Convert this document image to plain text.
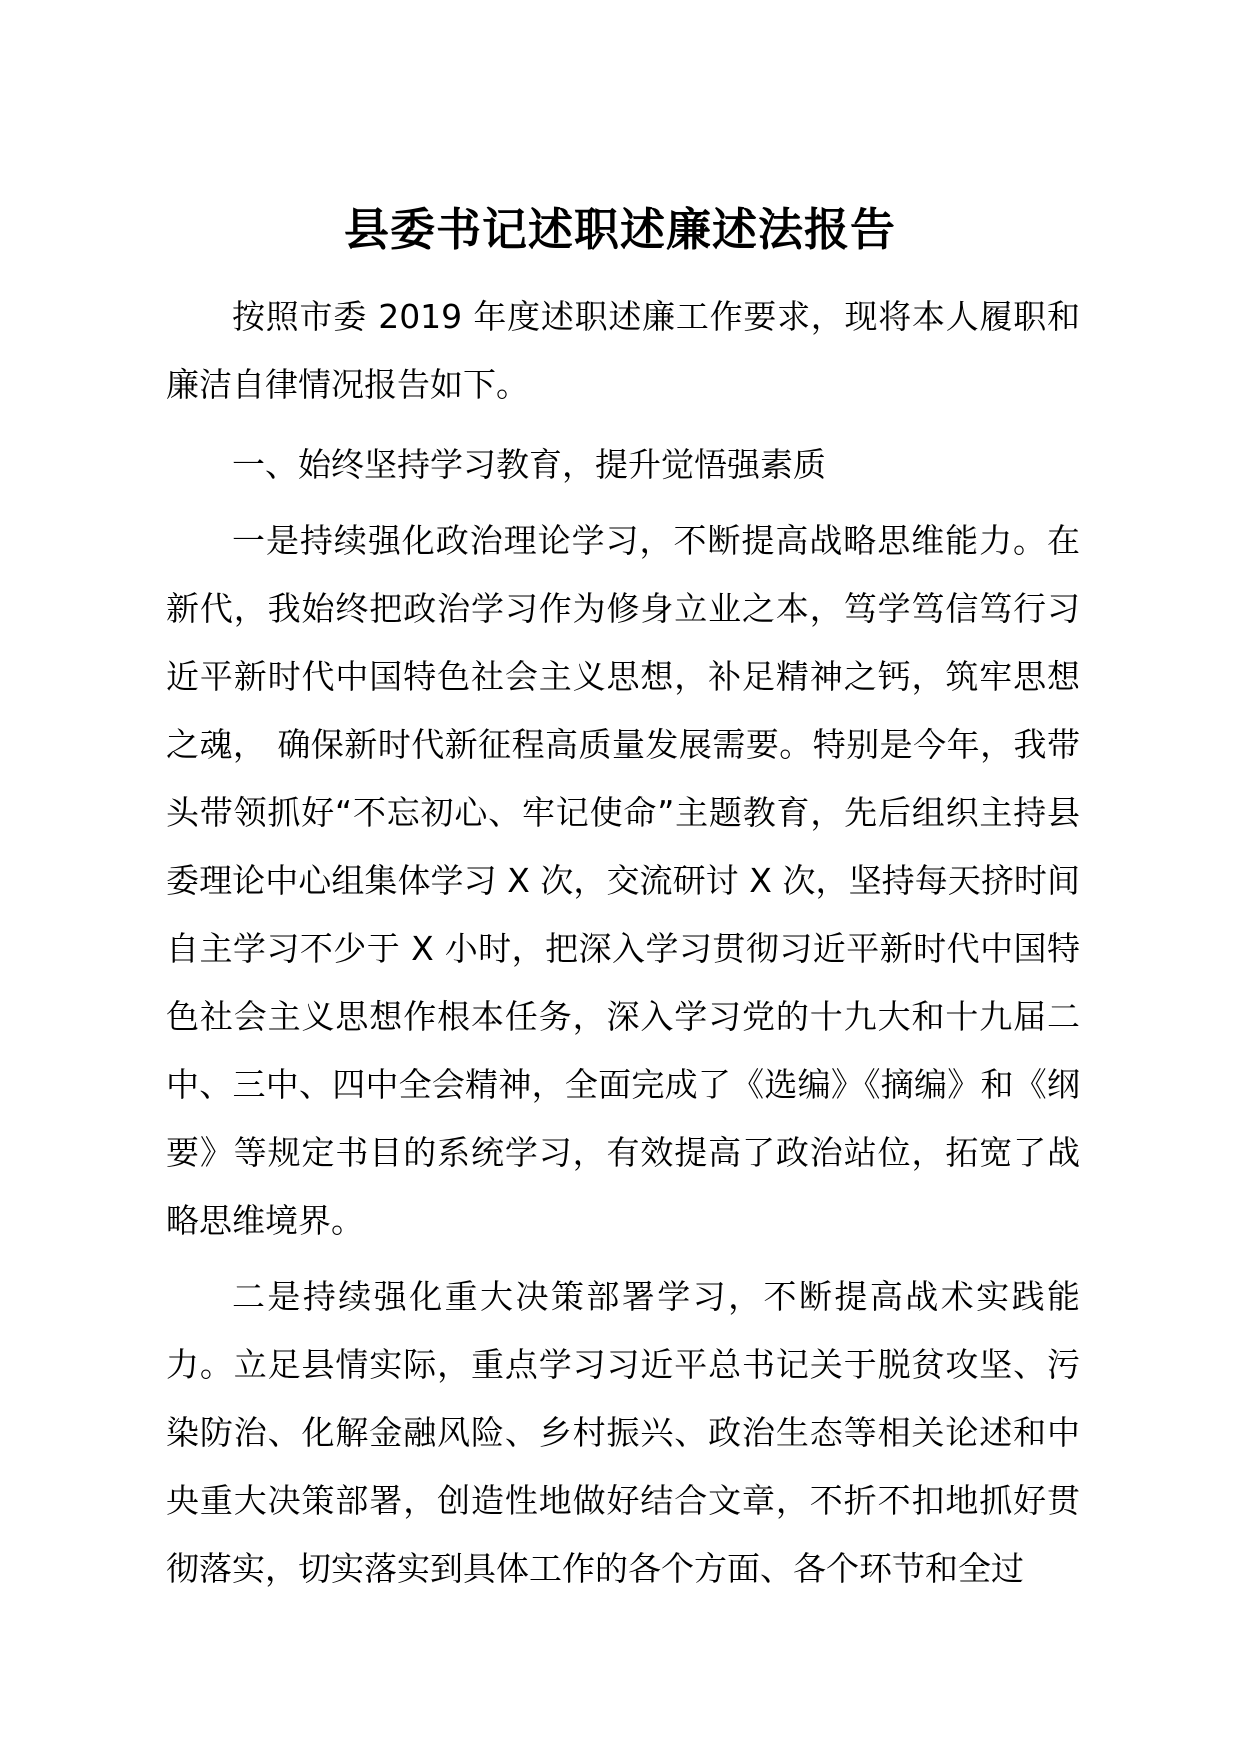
县委书记述职述廉述法报告

按照市委 2019 年度述职述廉工作要求，现将本人履职和廉洁自律情况报告如下。

一、始终坚持学习教育，提升觉悟强素质

一是持续强化政治理论学习，不断提高战略思维能力。在新代，我始终把政治学习作为修身立业之本，笃学笃信笃行习近平新时代中国特色社会主义思想，补足精神之钙，筑牢思想之魂， 确保新时代新征程高质量发展需要。特别是今年，我带头带领抓好“不忘初心、牢记使命”主题教育，先后组织主持县委理论中心组集体学习 X 次，交流研讨 X 次，坚持每天挤时间自主学习不少于 X 小时，把深入学习贯彻习近平新时代中国特色社会主义思想作根本任务，深入学习党的十九大和十九届二中、三中、四中全会精神，全面完成了《选编》《摘编》和《纲要》等规定书目的系统学习，有效提高了政治站位，拓宽了战略思维境界。

二是持续强化重大决策部署学习，不断提高战术实践能力。立足县情实际，重点学习习近平总书记关于脱贫攻坚、污染防治、化解金融风险、乡村振兴、政治生态等相关论述和中央重大决策部署，创造性地做好结合文章，不折不扣地抓好贯彻落实，切实落实到具体工作的各个方面、各个环节和全过
